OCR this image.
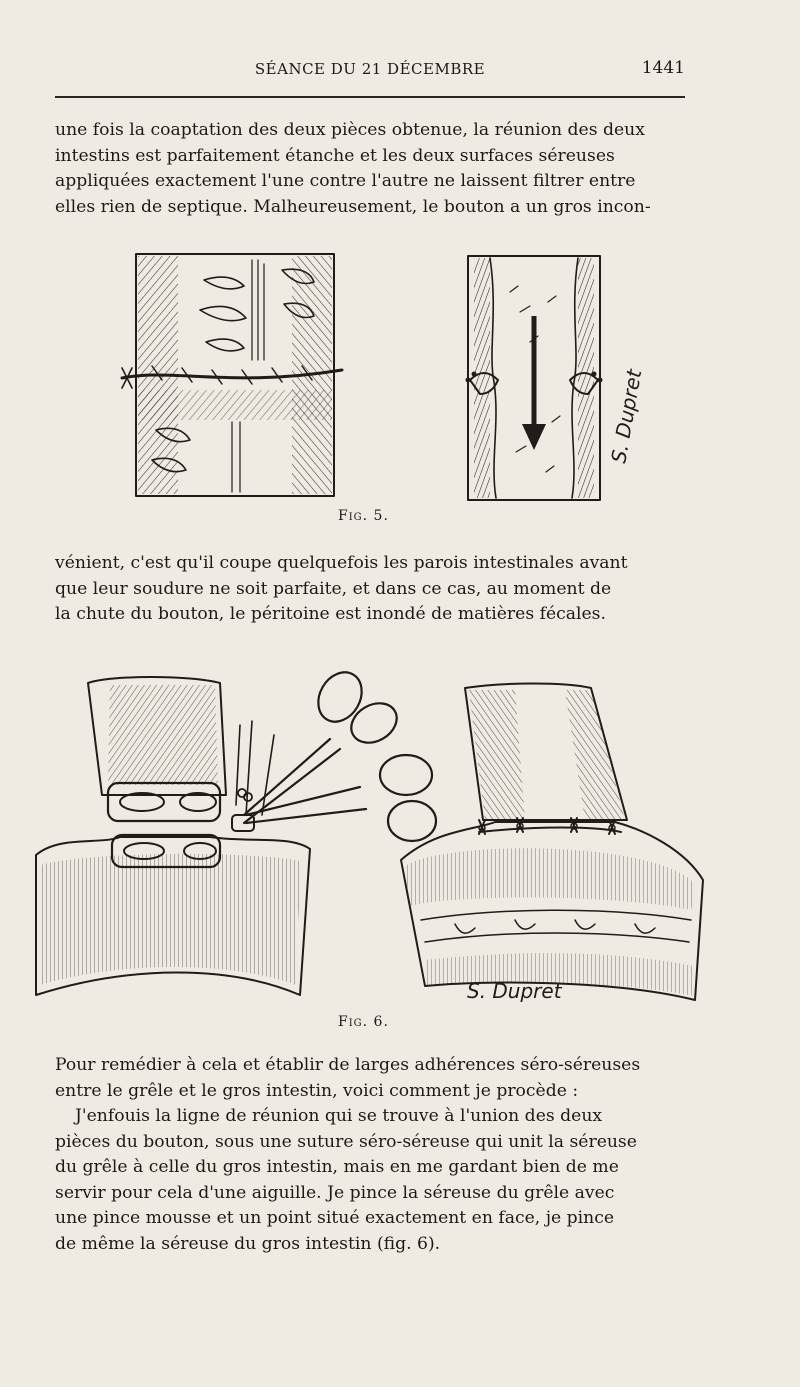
SÉANCE DU 21 DÉCEMBRE	1441
une fois la coaptation des deux pièces obtenue, la réunion des deux
intestins est parfaitement étanche et les deux surfaces séreuses
appliquées exactement l'une contre l'autre ne laissent filtrer entre
elles rien de septique. Malheureusement, le bouton a un gros incon-
S. Dupret
Fig. 5.
vénient, c'est qu'il coupe quelquefois les parois intestinales avant
que leur soudure ne soit parfaite, et dans ce cas, au moment de
la chute du bouton, le péritoine est inondé de matières fécales.
S. Dupret
Fig. 6.
Pour remédier à cela et établir de larges adhérences séro-séreuses
entre le grêle et le gros intestin, voici comment je procède :
J'enfouis la ligne de réunion qui se trouve à l'union des deux
pièces du bouton, sous une suture séro-séreuse qui unit la séreuse
du grêle à celle du gros intestin, mais en me gardant bien de me
servir pour cela d'une aiguille. Je pince la séreuse du grêle avec
une pince mousse et un point situé exactement en face, je pince
de même la séreuse du gros intestin (fig. 6).
